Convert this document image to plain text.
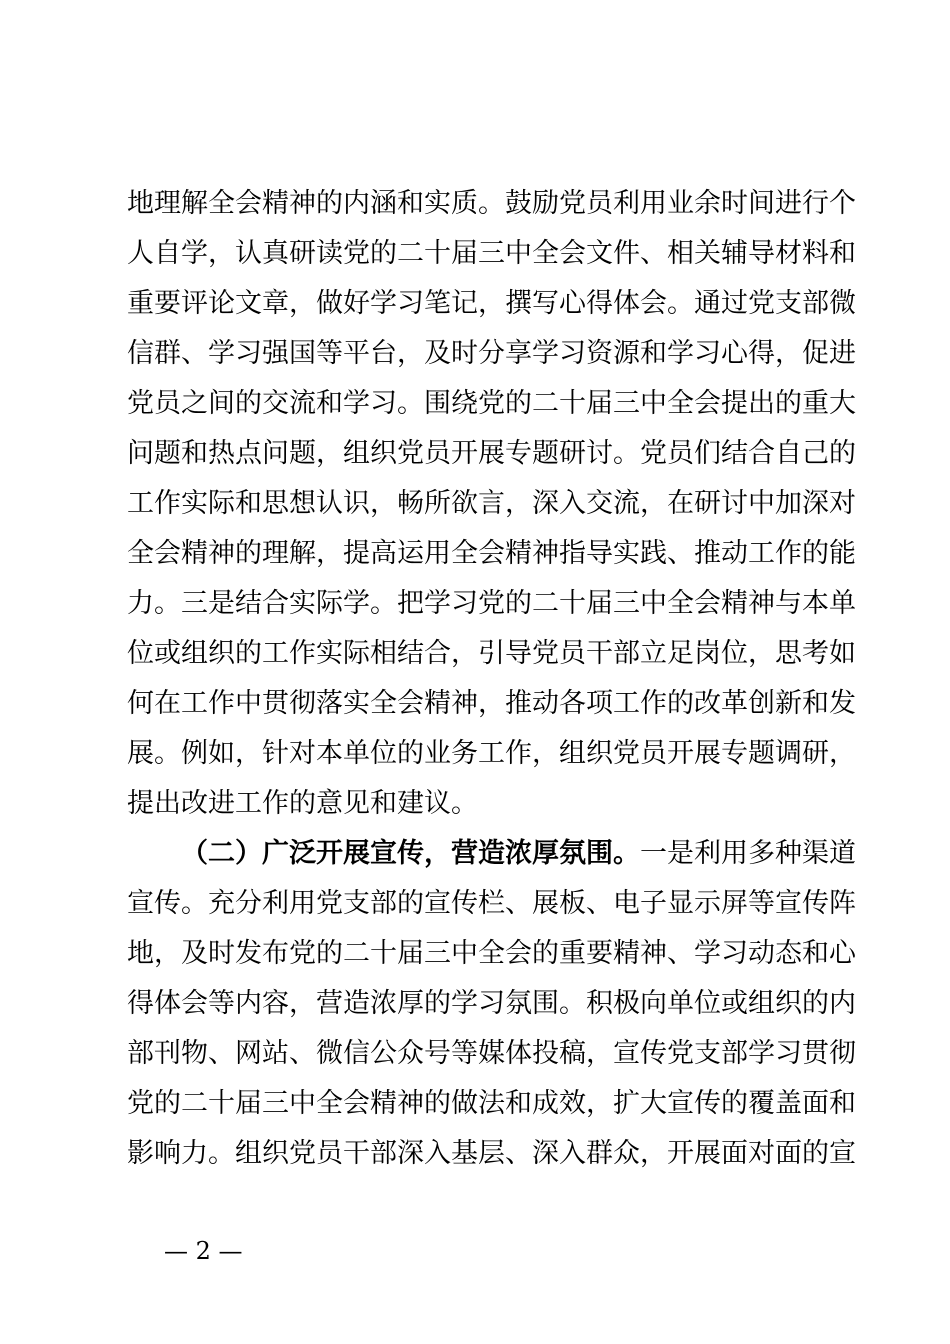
地理解全会精神的内涵和实质。鼓励党员利用业余时间进行个
人自学，认真研读党的二十届三中全会文件、相关辅导材料和
重要评论文章，做好学习笔记，撰写心得体会。通过党支部微
信群、学习强国等平台，及时分享学习资源和学习心得，促进
党员之间的交流和学习。围绕党的二十届三中全会提出的重大
问题和热点问题，组织党员开展专题研讨。党员们结合自己的
工作实际和思想认识，畅所欲言，深入交流，在研讨中加深对
全会精神的理解，提高运用全会精神指导实践、推动工作的能
力。三是结合实际学。把学习党的二十届三中全会精神与本单
位或组织的工作实际相结合，引导党员干部立足岗位，思考如
何在工作中贯彻落实全会精神，推动各项工作的改革创新和发
展。例如，针对本单位的业务工作，组织党员开展专题调研，
提出改进工作的意见和建议。
（二）广泛开展宣传，营造浓厚氛围。一是利用多种渠道
宣传。充分利用党支部的宣传栏、展板、电子显示屏等宣传阵
地，及时发布党的二十届三中全会的重要精神、学习动态和心
得体会等内容，营造浓厚的学习氛围。积极向单位或组织的内
部刊物、网站、微信公众号等媒体投稿，宣传党支部学习贯彻
党的二十届三中全会精神的做法和成效，扩大宣传的覆盖面和
影响力。组织党员干部深入基层、深入群众，开展面对面的宣
— 2 —
